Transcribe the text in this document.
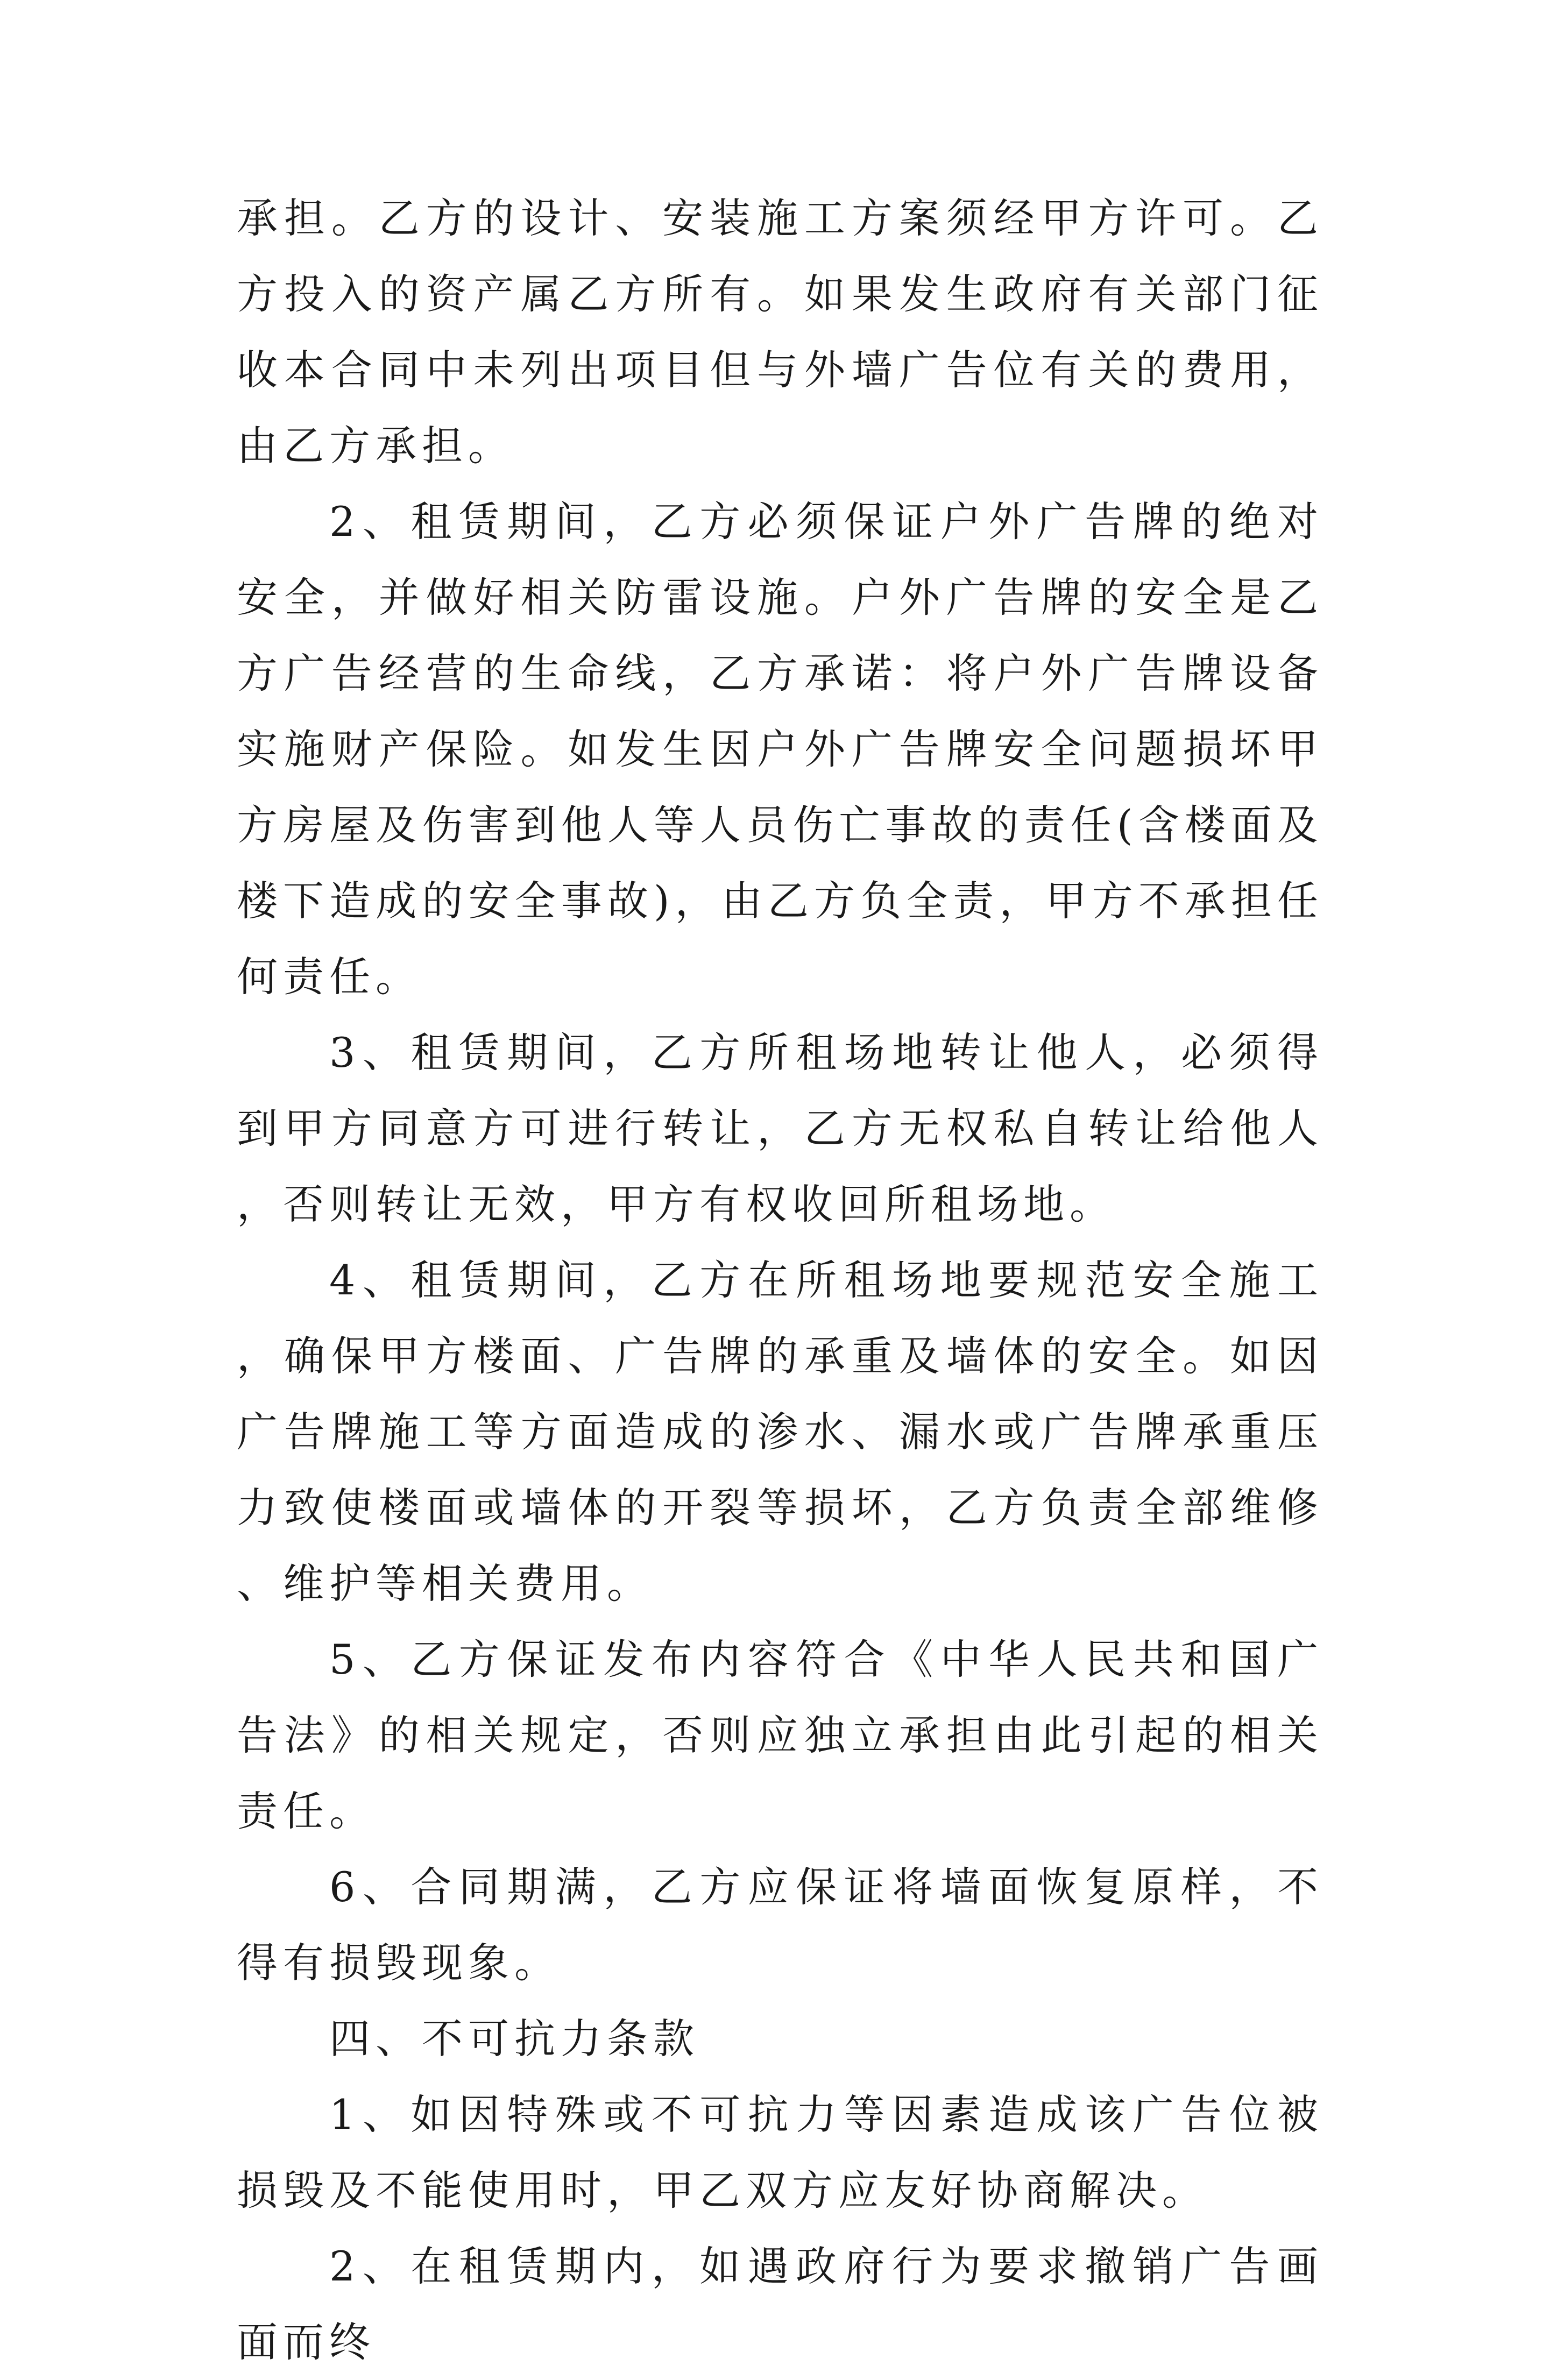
承担。乙方的设计、安装施工方案须经甲方许可。乙方投入的资产属乙方所有。如果发生政府有关部门征收本合同中未列出项目但与外墙广告位有关的费用，由乙方承担。

2、租赁期间，乙方必须保证户外广告牌的绝对安全，并做好相关防雷设施。户外广告牌的安全是乙方广告经营的生命线，乙方承诺：将户外广告牌设备实施财产保险。如发生因户外广告牌安全问题损坏甲方房屋及伤害到他人等人员伤亡事故的责任(含楼面及楼下造成的安全事故)，由乙方负全责，甲方不承担任何责任。

3、租赁期间，乙方所租场地转让他人，必须得到甲方同意方可进行转让，乙方无权私自转让给他人，否则转让无效，甲方有权收回所租场地。

4、租赁期间，乙方在所租场地要规范安全施工，确保甲方楼面、广告牌的承重及墙体的安全。如因广告牌施工等方面造成的渗水、漏水或广告牌承重压力致使楼面或墙体的开裂等损坏，乙方负责全部维修、维护等相关费用。

5、乙方保证发布内容符合《中华人民共和国广告法》的相关规定，否则应独立承担由此引起的相关责任。

6、合同期满，乙方应保证将墙面恢复原样，不得有损毁现象。

四、不可抗力条款

1、如因特殊或不可抗力等因素造成该广告位被损毁及不能使用时，甲乙双方应友好协商解决。

2、在租赁期内，如遇政府行为要求撤销广告画面而终
